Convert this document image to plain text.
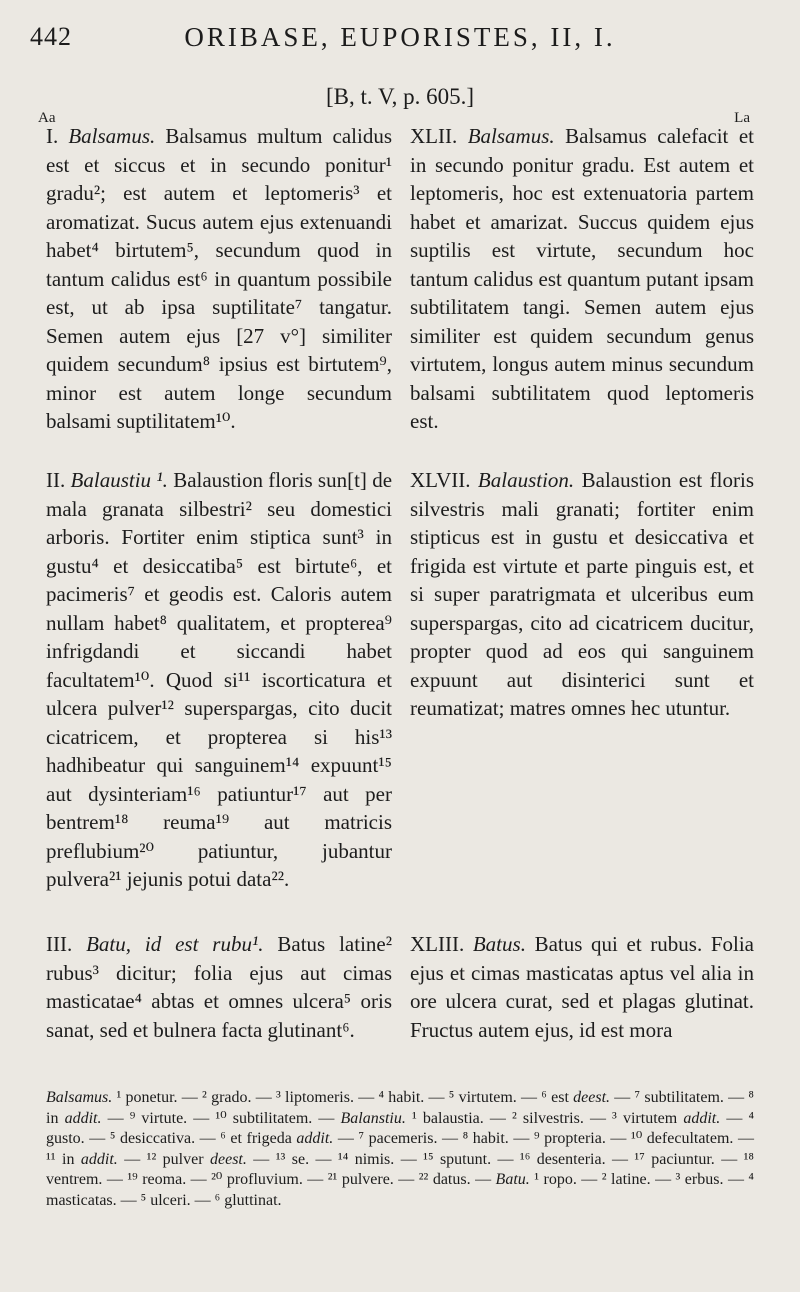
442	ORIBASE, EUPORISTES, II, I.
[B, t. V, p. 605.]
Aa	La
I. Balsamus. Balsamus multum calidus est et siccus et in secundo ponitur¹ gradu²; est autem et leptomeris³ et aromatizat. Sucus autem ejus extenuandi habet⁴ birtutem⁵, secundum quod in tantum calidus est⁶ in quantum possibile est, ut ab ipsa suptilitate⁷ tangatur. Semen autem ejus [27 v°] similiter quidem secundum⁸ ipsius est birtutem⁹, minor est autem longe secundum balsami suptilitatem¹⁰.
XLII. Balsamus. Balsamus calefacit et in secundo ponitur gradu. Est autem et leptomeris, hoc est extenuatoria partem habet et amarizat. Succus quidem ejus suptilis est virtute, secundum hoc tantum calidus est quantum putant ipsam subtilitatem tangi. Semen autem ejus similiter est quidem secundum genus virtutem, longus autem minus secundum balsami subtilitatem quod leptomeris est.
II. Balaustiu ¹. Balaustion floris sun[t] de mala granata silbestri² seu domestici arboris. Fortiter enim stiptica sunt³ in gustu⁴ et desiccatiba⁵ est birtute⁶, et pacimeris⁷ et geodis est. Caloris autem nullam habet⁸ qualitatem, et propterea⁹ infrigdandi et siccandi habet facultatem¹⁰. Quod si¹¹ iscorticatura et ulcera pulver¹² superspargas, cito ducit cicatricem, et propterea si his¹³ hadhibeatur qui sanguinem¹⁴ expuunt¹⁵ aut dysinteriam¹⁶ patiuntur¹⁷ aut per bentrem¹⁸ reuma¹⁹ aut matricis preflubium²⁰ patiuntur, jubantur pulvera²¹ jejunis potui data²².
XLVII. Balaustion. Balaustion est floris silvestris mali granati; fortiter enim stipticus est in gustu et desiccativa et frigida est virtute et parte pinguis est, et si super paratrigmata et ulceribus eum superspargas, cito ad cicatricem ducitur, propter quod ad eos qui sanguinem expuunt aut disinterici sunt et reumatizat; matres omnes hec utuntur.
III. Batu, id est rubu¹. Batus latine² rubus³ dicitur; folia ejus aut cimas masticatae⁴ abtas et omnes ulcera⁵ oris sanat, sed et bulnera facta glutinant⁶.
XLIII. Batus. Batus qui et rubus. Folia ejus et cimas masticatas aptus vel alia in ore ulcera curat, sed et plagas glutinat. Fructus autem ejus, id est mora
Balsamus. ¹ ponetur. — ² grado. — ³ liptomeris. — ⁴ habit. — ⁵ virtutem. — ⁶ est deest. — ⁷ subtilitatem. — ⁸ in addit. — ⁹ virtute. — ¹⁰ subtilitatem. — Balanstiu. ¹ balaustia. — ² silvestris. — ³ virtutem addit. — ⁴ gusto. — ⁵ desiccativa. — ⁶ et frigeda addit. — ⁷ pacemeris. — ⁸ habit. — ⁹ propteria. — ¹⁰ defecultatem. — ¹¹ in addit. — ¹² pulver deest. — ¹³ se. — ¹⁴ nimis. — ¹⁵ sputunt. — ¹⁶ desenteria. — ¹⁷ paciuntur. — ¹⁸ ventrem. — ¹⁹ reoma. — ²⁰ profluvium. — ²¹ pulvere. — ²² datus. — Batu. ¹ ropo. — ² latine. — ³ erbus. — ⁴ masticatas. — ⁵ ulceri. — ⁶ gluttinat.
